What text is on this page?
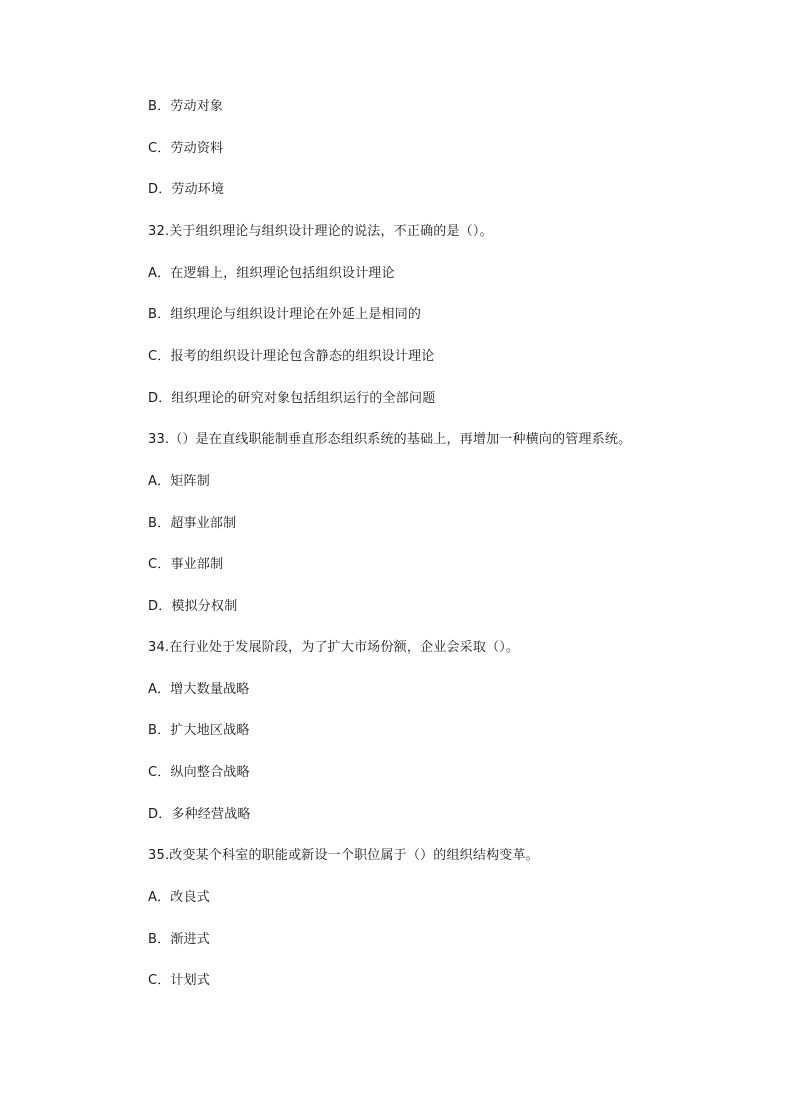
B．劳动对象
C．劳动资料
D．劳动环境
32.关于组织理论与组织设计理论的说法，不正确的是（）。
A．在逻辑上，组织理论包括组织设计理论
B．组织理论与组织设计理论在外延上是相同的
C．报考的组织设计理论包含静态的组织设计理论
D．组织理论的研究对象包括组织运行的全部问题
33.（）是在直线职能制垂直形态组织系统的基础上，再增加一种横向的管理系统。
A．矩阵制
B．超事业部制
C．事业部制
D．模拟分权制
34.在行业处于发展阶段，为了扩大市场份额，企业会采取（）。
A．增大数量战略
B．扩大地区战略
C．纵向整合战略
D．多种经营战略
35.改变某个科室的职能或新设一个职位属于（）的组织结构变革。
A．改良式
B．渐进式
C．计划式
